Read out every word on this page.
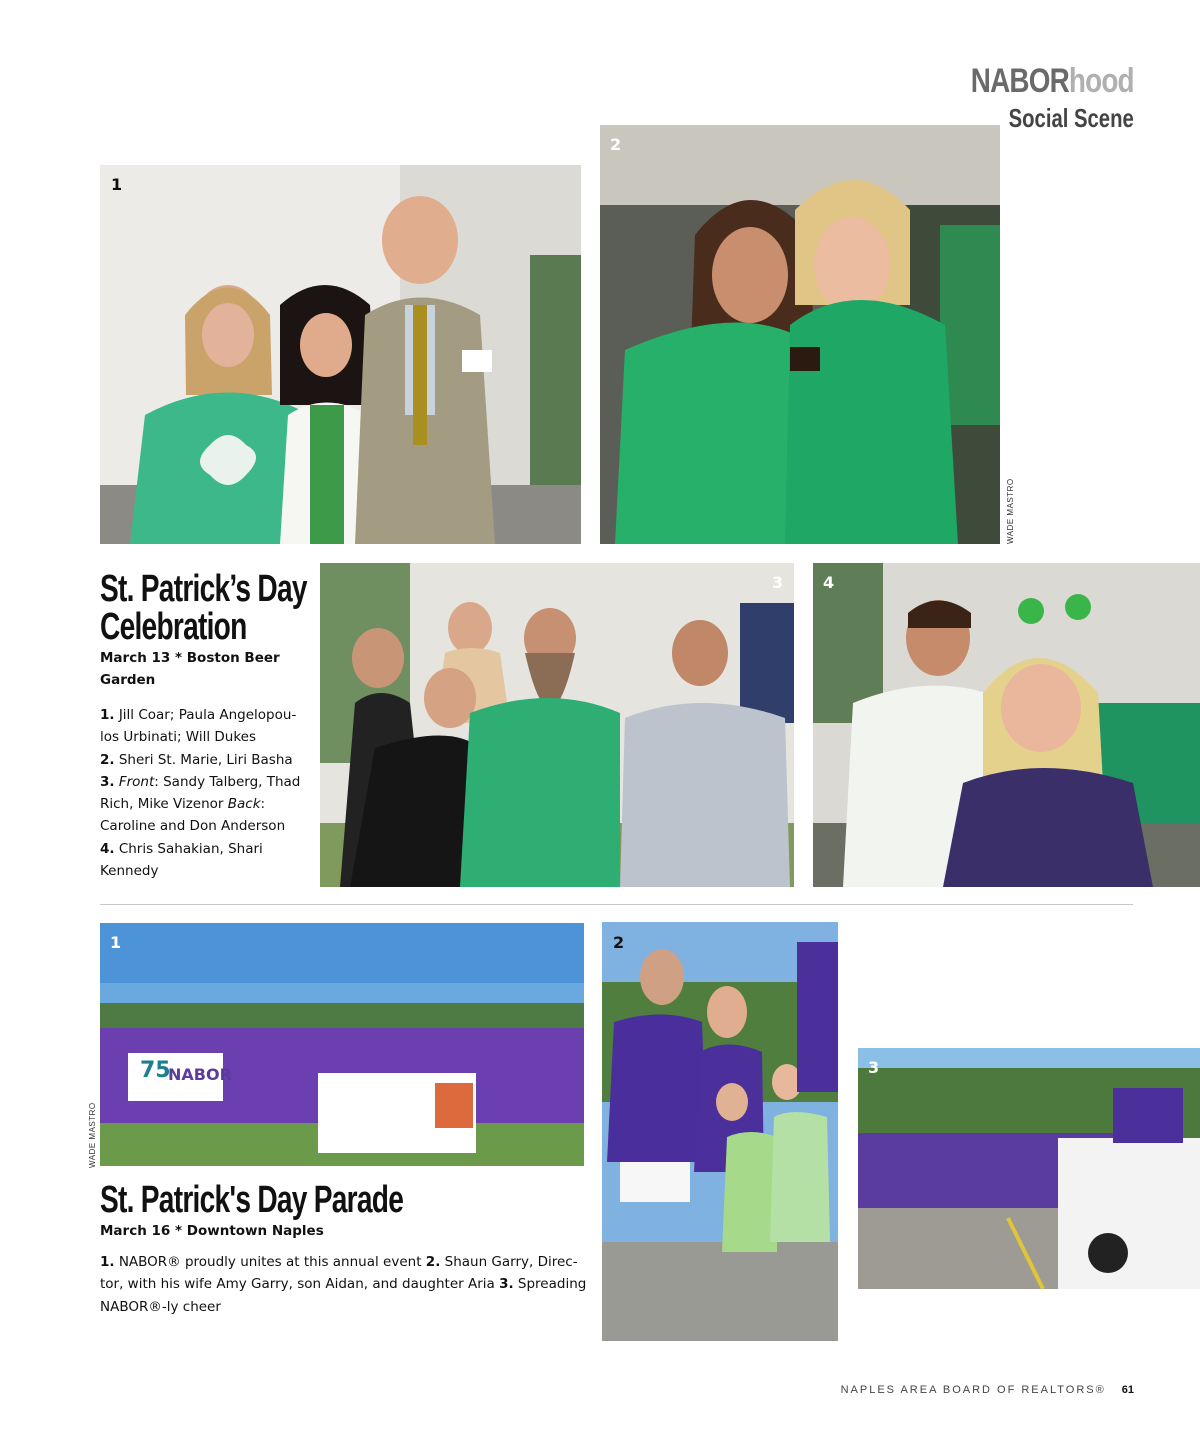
NABORhood
Social Scene
1
2
WADE MASTRO
St. Patrick’s Day
Celebration
March 13 * Boston Beer
Garden
1. Jill Coar; Paula Angelopou-
los Urbinati; Will Dukes
2. Sheri St. Marie, Liri Basha
3. Front: Sandy Talberg, Thad
Rich, Mike Vizenor Back:
Caroline and Don Anderson
4. Chris Sahakian, Shari
Kennedy
3 4
75
NABOR
1
WADE MASTRO
St. Patrick's Day Parade
March 16 * Downtown Naples
1. NABOR® proudly unites at this annual event 2. Shaun Garry, Direc-
tor, with his wife Amy Garry, son Aidan, and daughter Aria 3. Spreading
NABOR®-ly cheer
2
3
NAPLES AREA BOARD OF REALTORS® 61
